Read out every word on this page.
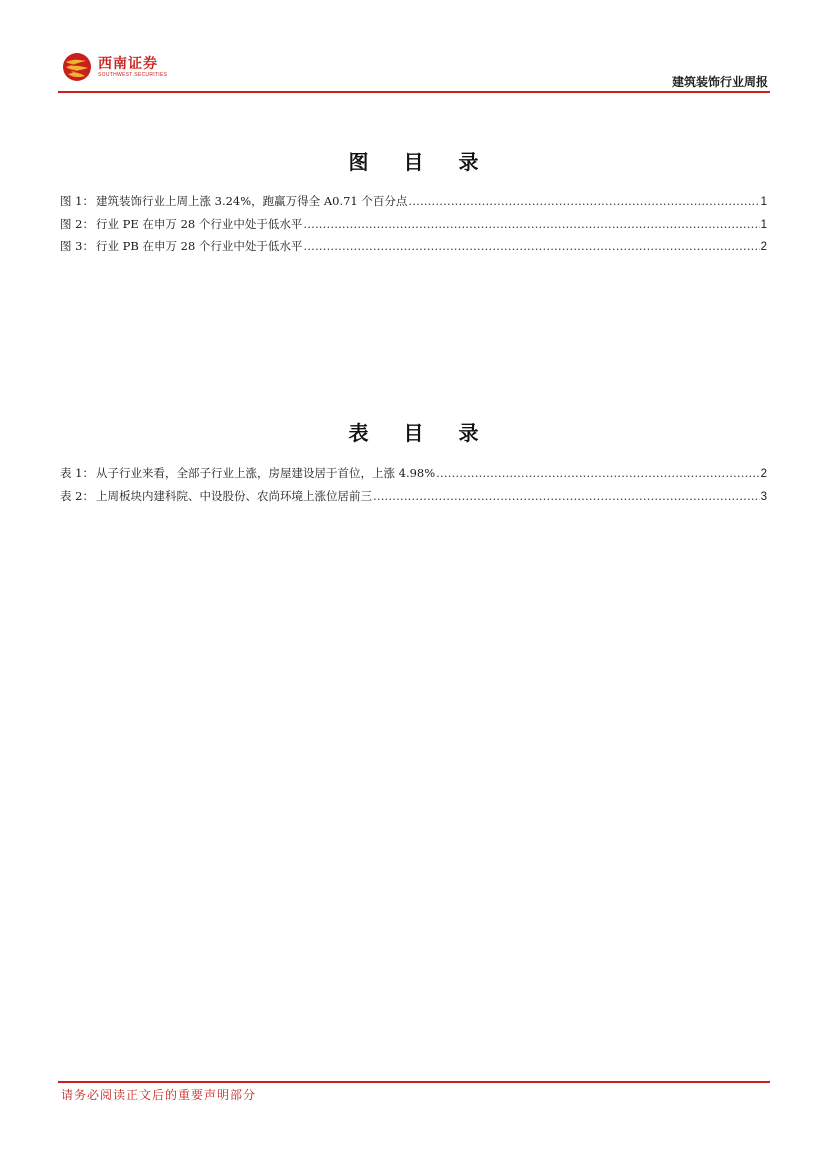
西南证券
SOUTHWEST SECURITIES
建筑装饰行业周报
图 目 录
图 1： 建筑装饰行业上周上涨 3.24%，跑赢万得全 A0.71 个百分点 .....	1
图 2： 行业 PE 在申万 28 个行业中处于低水平 .....	1
图 3： 行业 PB 在申万 28 个行业中处于低水平 .....	2
表 目 录
表 1： 从子行业来看，全部子行业上涨，房屋建设居于首位，上涨 4.98% .....	2
表 2： 上周板块内建科院、中设股份、农尚环境上涨位居前三 .....	3
请务必阅读正文后的重要声明部分
